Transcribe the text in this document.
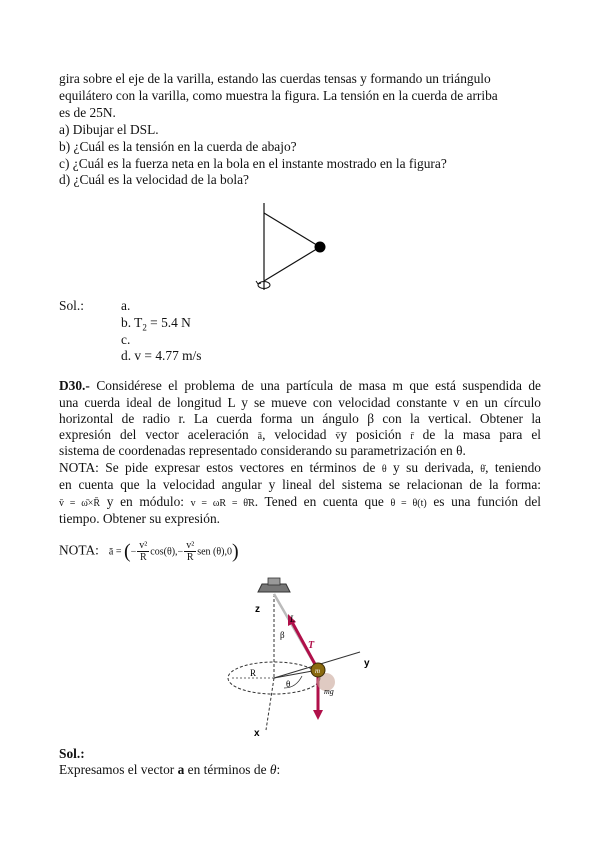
gira sobre el eje de la varilla, estando las cuerdas tensas y formando un triángulo
equilátero con la varilla, como muestra la figura. La tensión en la cuerda de arriba
es de 25N.
a) Dibujar el DSL.
b) ¿Cuál es la tensión en la cuerda de abajo?
c) ¿Cuál es la fuerza neta en la bola en el instante mostrado en la figura?
d) ¿Cuál es la velocidad de la bola?
Sol.:	a.
b. $T_2 = 5.4$ N
c.
d. v = 4.77 m/s
D30.- Considérese el problema de una partícula de masa m que está suspendida de
una cuerda ideal de longitud L y se mueve con velocidad constante v en un círculo
horizontal de radio r. La cuerda forma un ángulo β con la vertical. Obtener la
expresión del vector aceleración ā, velocidad v̄y posición r̄ de la masa para el
sistema de coordenadas representado considerando su parametrización en θ.
NOTA: Se pide expresar estos vectores en términos de θ y su derivada, θ̇, teniendo
en cuenta que la velocidad angular y lineal del sistema se relacionan de la forma:
v̄ = ω̄×R̄ y en módulo: v = ωR = θ̇R. Tened en cuenta que θ = θ(t) es una función del
tiempo. Obtener su expresión.
NOTA: ā = (− $\frac{\text{v²}}{R} \cos(\theta),- \frac{\text{v²}}{R}$ sen (θ),0)
z
y
x
L
β
T
R
θ
m
mg
Sol.:
Expresamos el vector a en términos de θ:
